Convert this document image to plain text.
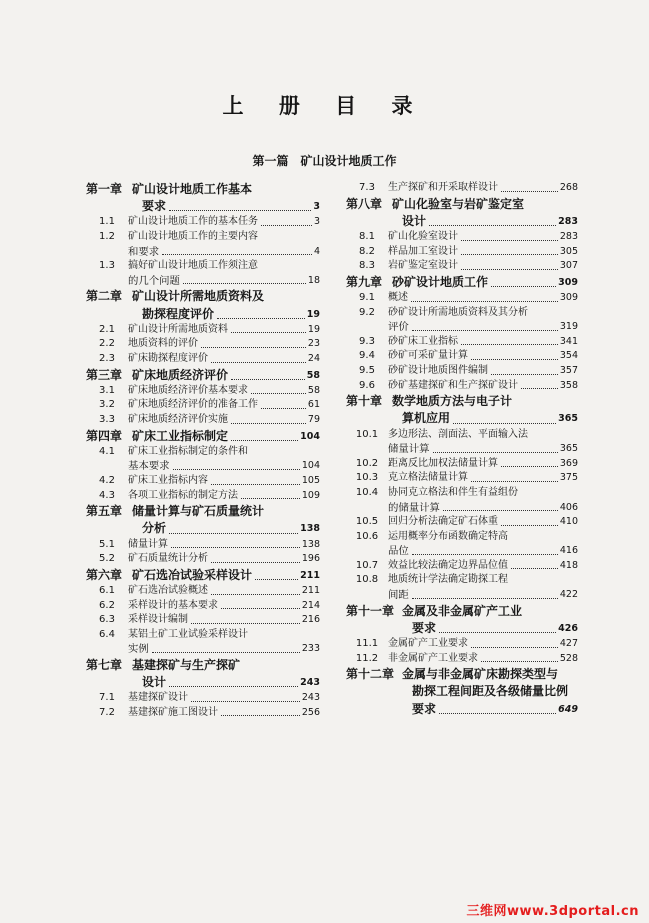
上 册 目 录
第一篇 矿山设计地质工作
第一章 矿山设计地质工作基本
要求	3
1.1	矿山设计地质工作的基本任务	3
1.2	矿山设计地质工作的主要内容
和要求	4
1.3	搞好矿山设计地质工作须注意
的几个问题	18
第二章 矿山设计所需地质资料及
勘探程度评价	19
2.1	矿山设计所需地质资料	19
2.2	地质资料的评价	23
2.3	矿床勘探程度评价	24
第三章 矿床地质经济评价	58
3.1	矿床地质经济评价基本要求	58
3.2	矿床地质经济评价的准备工作	61
3.3	矿床地质经济评价实施	79
第四章 矿床工业指标制定	104
4.1	矿床工业指标制定的条件和
基本要求	104
4.2	矿床工业指标内容	105
4.3	各项工业指标的制定方法	109
第五章 储量计算与矿石质量统计
分析	138
5.1	储量计算	138
5.2	矿石质量统计分析	196
第六章 矿石选冶试验采样设计	211
6.1	矿石选冶试验概述	211
6.2	采样设计的基本要求	214
6.3	采样设计编制	216
6.4	某铝土矿工业试验采样设计
实例	233
第七章 基建探矿与生产探矿
设计	243
7.1	基建探矿设计	243
7.2	基建探矿施工图设计	256
7.3	生产探矿和开采取样设计	268
第八章 矿山化验室与岩矿鉴定室
设计	283
8.1	矿山化验室设计	283
8.2	样品加工室设计	305
8.3	岩矿鉴定室设计	307
第九章 砂矿设计地质工作	309
9.1	概述	309
9.2	砂矿设计所需地质资料及其分析
评价	319
9.3	砂矿床工业指标	341
9.4	砂矿可采矿量计算	354
9.5	砂矿设计地质图件编制	357
9.6	砂矿基建探矿和生产探矿设计	358
第十章 数学地质方法与电子计
算机应用	365
10.1 多边形法、剖面法、平面输入法
储量计算	365
10.2 距离反比加权法储量计算	369
10.3 克立格法储量计算	375
10.4 协同克立格法和伴生有益组份
的储量计算	406
10.5 回归分析法确定矿石体重	410
10.6 运用概率分布函数确定特高
品位	416
10.7 效益比较法确定边界品位值	418
10.8 地质统计学法确定勘探工程
间距	422
第十一章 金属及非金属矿产工业
要求	426
11.1 金属矿产工业要求	427
11.2 非金属矿产工业要求	528
第十二章 金属与非金属矿床勘探类型与
勘探工程间距及各级储量比例
要求	649
三维网www.3dportal.cn
